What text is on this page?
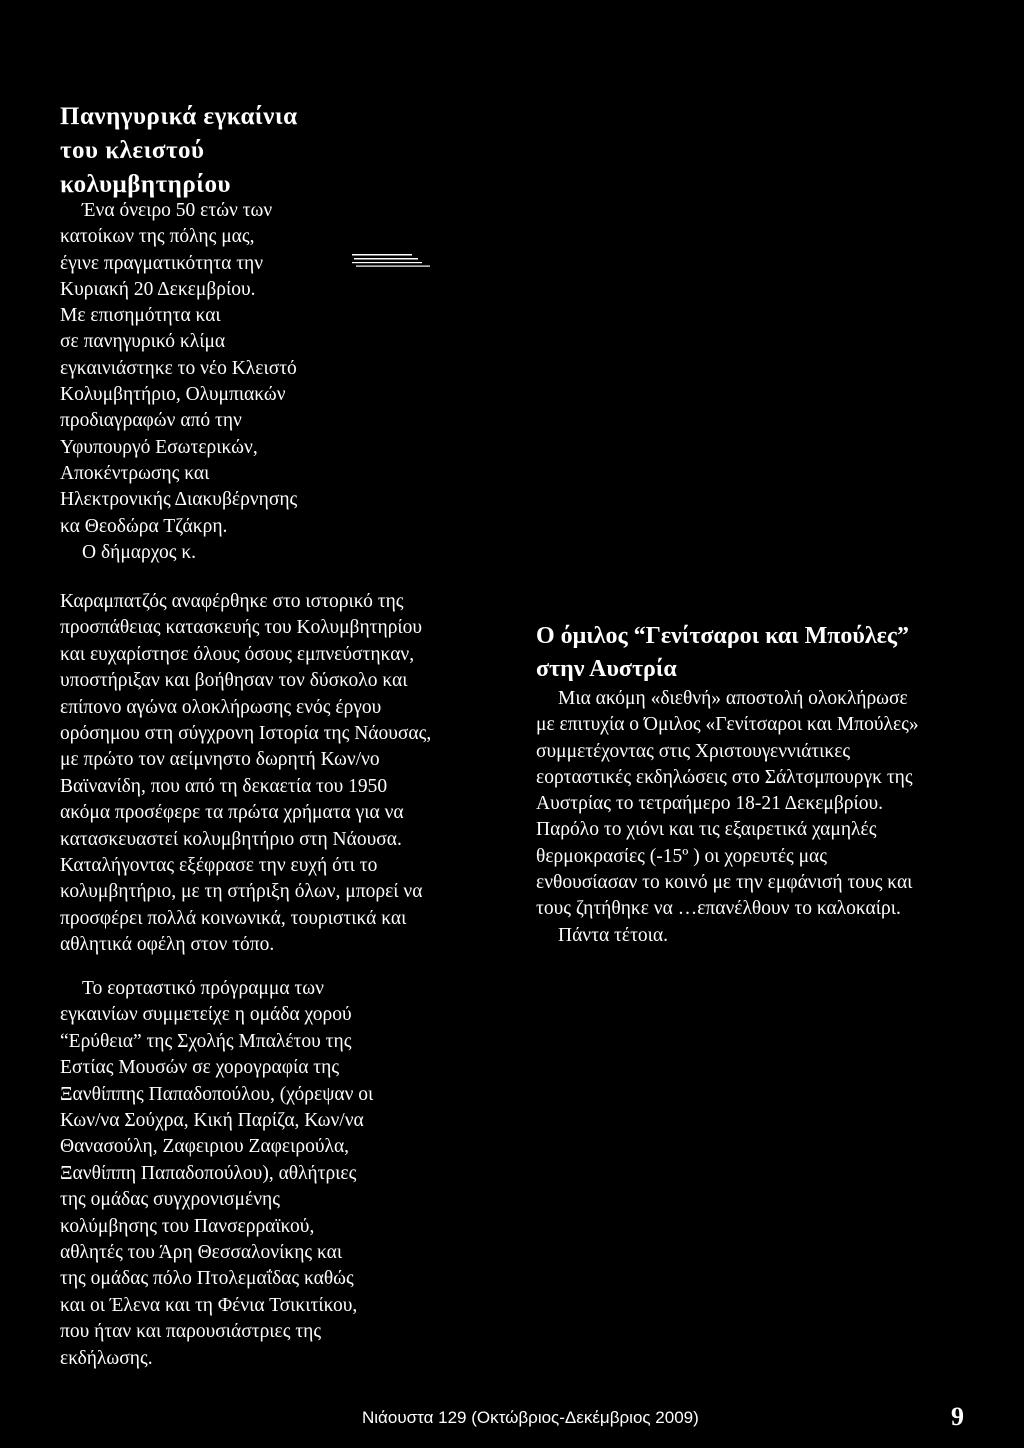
Πανηγυρικά εγκαίνια
του κλειστού
κολυμβητηρίου

Ένα όνειρο 50 ετών των
κατοίκων της πόλης μας,
έγινε πραγματικότητα την
Κυριακή 20 Δεκεμβρίου.
Με επισημότητα και
σε πανηγυρικό κλίμα
εγκαινιάστηκε το νέο Κλειστό
Κολυμβητήριο, Ολυμπιακών
προδιαγραφών από την
Υφυπουργό Εσωτερικών,
Αποκέντρωσης και
Ηλεκτρονικής Διακυβέρνησης
κα Θεοδώρα Τζάκρη.
Ο δήμαρχος κ.

Καραμπατζός αναφέρθηκε στο ιστορικό της
προσπάθειας κατασκευής του Κολυμβητηρίου
και ευχαρίστησε όλους όσους εμπνεύστηκαν,
υποστήριξαν και βοήθησαν τον δύσκολο και
επίπονο αγώνα ολοκλήρωσης ενός έργου
ορόσημου στη σύγχρονη Ιστορία της Νάουσας,
με πρώτο τον αείμνηστο δωρητή Κων/νο
Βαϊνανίδη, που από τη δεκαετία του 1950
ακόμα προσέφερε τα πρώτα χρήματα για να
κατασκευαστεί κολυμβητήριο στη Νάουσα.
Καταλήγοντας εξέφρασε την ευχή ότι το
κολυμβητήριο, με τη στήριξη όλων, μπορεί να
προσφέρει πολλά κοινωνικά, τουριστικά και
αθλητικά οφέλη στον τόπο.

Το εορταστικό πρόγραμμα των
εγκαινίων συμμετείχε η ομάδα χορού
“Ερύθεια” της Σχολής Μπαλέτου της
Εστίας Μουσών σε χορογραφία της
Ξανθίππης Παπαδοπούλου, (χόρεψαν οι
Κων/να Σούχρα, Κική Παρίζα, Κων/να
Θανασούλη, Ζαφειριου Ζαφειρούλα,
Ξανθίππη Παπαδοπούλου), αθλήτριες
της ομάδας συγχρονισμένης
κολύμβησης του Πανσερραϊκού,
αθλητές του Άρη Θεσσαλονίκης και
της ομάδας πόλο Πτολεμαΐδας καθώς
και οι Έλενα και τη Φένια Τσικιτίκου,
που ήταν και παρουσιάστριες της
εκδήλωσης.

Ο όμιλος “Γενίτσαροι και Μπούλες”
στην Αυστρία

Μια ακόμη «διεθνή» αποστολή ολοκλήρωσε
με επιτυχία ο Όμιλος «Γενίτσαροι και Μπούλες»
συμμετέχοντας στις Χριστουγεννιάτικες
εορταστικές εκδηλώσεις στο Σάλτσμπουργκ της
Αυστρίας το τετραήμερο 18-21 Δεκεμβρίου.
Παρόλο το χιόνι και τις εξαιρετικά χαμηλές
θερμοκρασίες (-15º ) οι χορευτές μας
ενθουσίασαν το κοινό με την εμφάνισή τους και
τους ζητήθηκε να …επανέλθουν το καλοκαίρι.
Πάντα τέτοια.

Νιάουστα 129 (Οκτώβριος-Δεκέμβριος 2009)	9
